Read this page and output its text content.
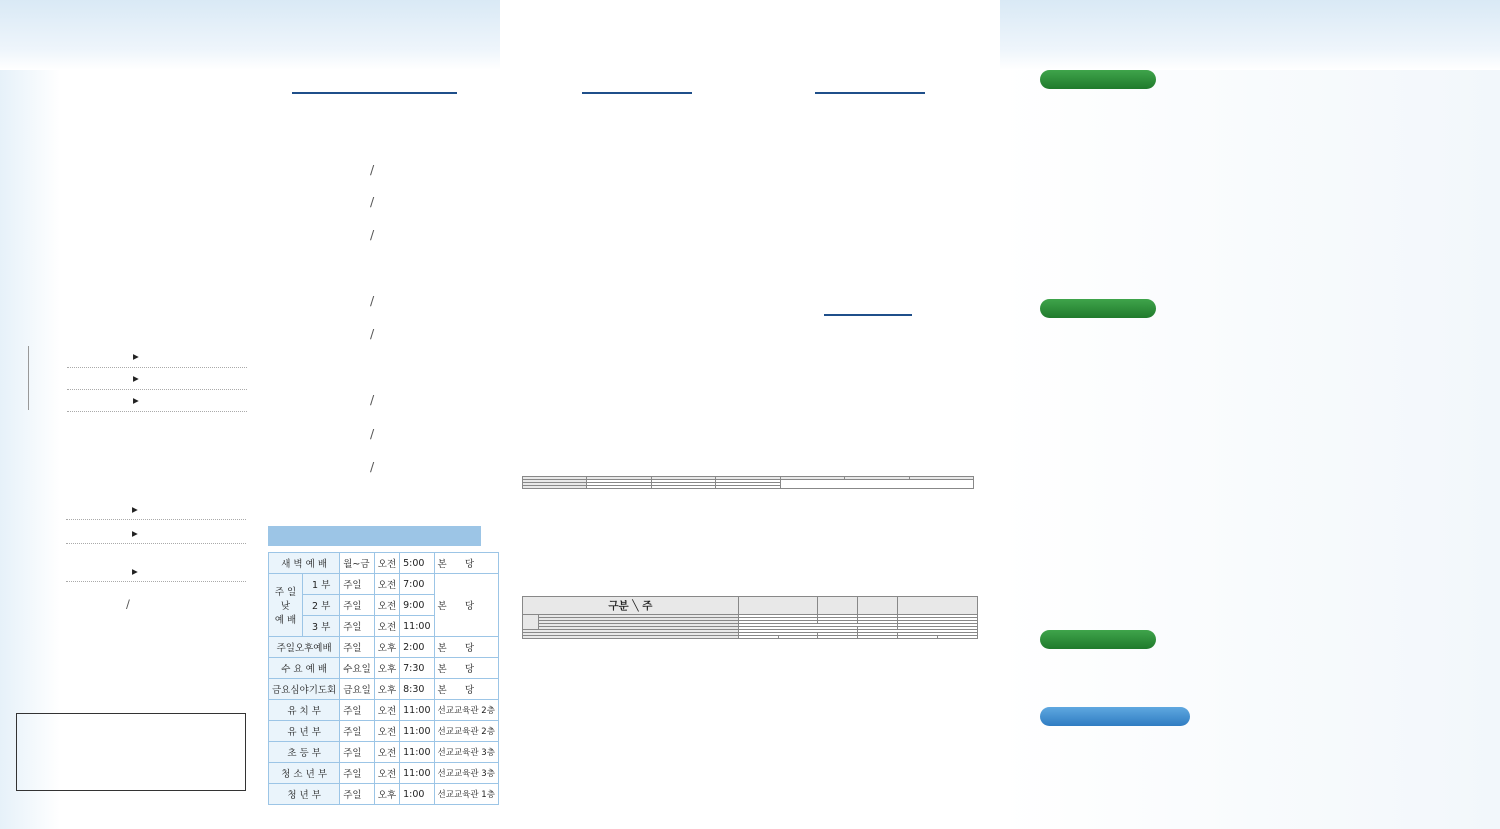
▸
▸
▸
▸
▸
▸
/
/
/
/
/
/
/
/
/
새 벽 예 배		월~금	오전	5:00	본      당
주 일
낮
예 배	1 부	주일	오전	7:00	본      당
	2 부	주일	오전	9:00	
	3 부	주일	오전	11:00	
주일오후예배		주일	오후	2:00	본      당
수 요 예 배		수요일	오후	7:30	본      당
금요심야기도회		금요일	오후	8:30	본      당
유 치 부		주일	오전	11:00	선교교육관 2층
유 년 부		주일	오전	11:00	선교교육관 2층
초 등 부		주일	오전	11:00	선교교육관 3층
청 소 년 부		주일	오전	11:00	선교교육관 3층
청 년 부		주일	오후	1:00	선교교육관 1층

구분 ╲ 주							
